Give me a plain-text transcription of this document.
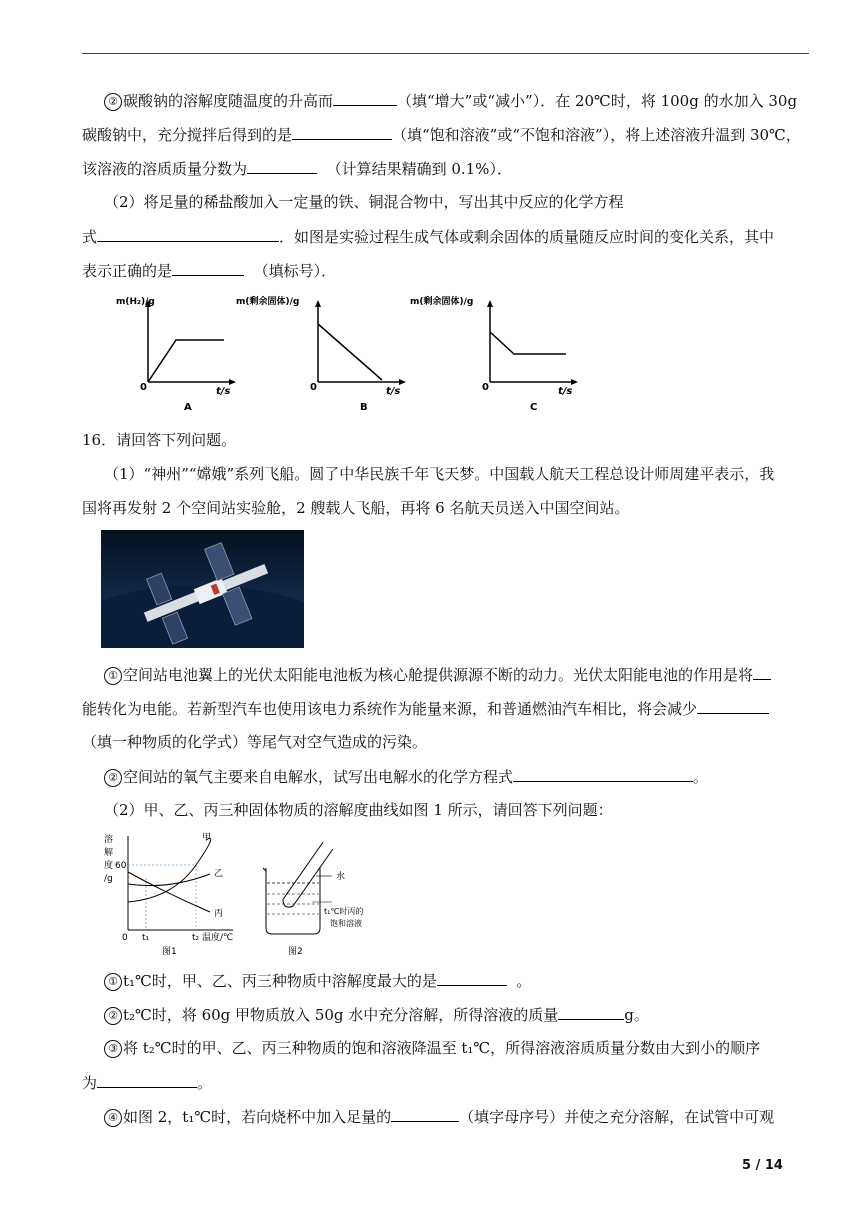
② 碳酸钠的溶解度随温度的升高而	（填“增大”或“减小”）．在 20℃时，将 100g 的水加入 30g
碳酸钠中，充分搅拌后得到的是	（填“饱和溶液”或“不饱和溶液”），将上述溶液升温到 30℃，
该溶液的溶质质量分数为	（计算结果精确到 0.1%）．
（2）将足量的稀盐酸加入一定量的铁、铜混合物中，写出其中反应的化学方程
式	．如图是实验过程生成气体或剩余固体的质量随反应时间的变化关系，其中
表示正确的是	（填标号）．
m(H₂)/g
0	t/s
A
m(剩余固体)/g
0	t/s
B
m(剩余固体)/g
0	t/s
C
16．请回答下列问题。
（1）“神州”“嫦娥”系列飞船。圆了中华民族千年飞天梦。中国载人航天工程总设计师周建平表示，我
国将再发射 2 个空间站实验舱，2 艘载人飞船，再将 6 名航天员送入中国空间站。
① 空间站电池翼上的光伏太阳能电池板为核心舱提供源源不断的动力。光伏太阳能电池的作用是将
能转化为电能。若新型汽车也使用该电力系统作为能量来源，和普通燃油汽车相比，将会减少
（填一种物质的化学式）等尾气对空气造成的污染。
② 空间站的氧气主要来自电解水，试写出电解水的化学方程式	。
（2）甲、乙、丙三种固体物质的溶解度曲线如图 1 所示，请回答下列问题：
溶
解
度
/g
60
0 t₁	t₂ 温度/℃
甲
乙
丙
图1
水
t₁℃时丙的
饱和溶液
图2
① t₁℃时，甲、乙、丙三种物质中溶解度最大的是	。
② t₂℃时，将 60g 甲物质放入 50g 水中充分溶解，所得溶液的质量	g。
③ 将 t₂℃时的甲、乙、丙三种物质的饱和溶液降温至 t₁℃，所得溶液溶质质量分数由大到小的顺序
为	。
④ 如图 2，t₁℃时，若向烧杯中加入足量的	（填字母序号）并使之充分溶解，在试管中可观
5 / 14
